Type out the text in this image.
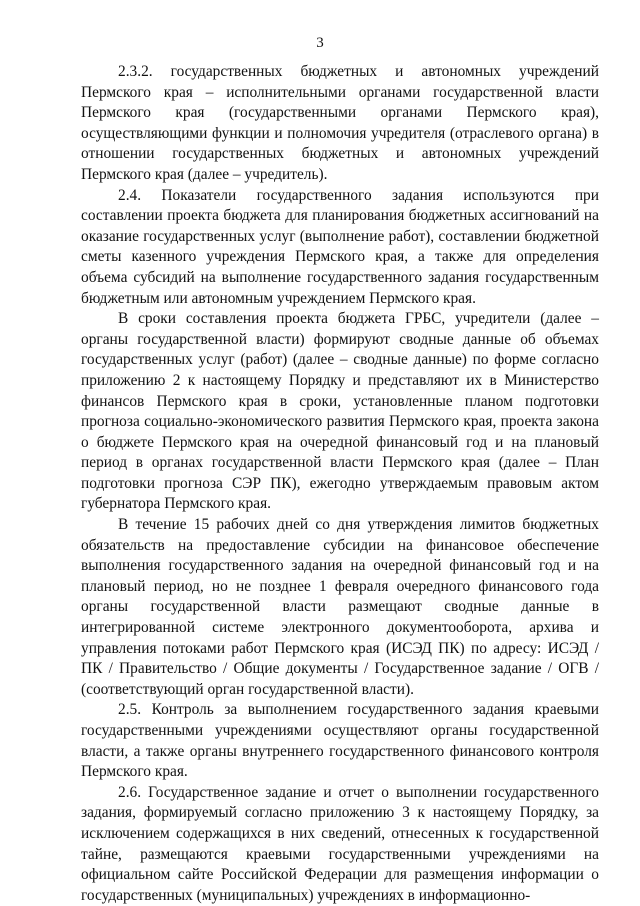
3

2.3.2. государственных бюджетных и автономных учреждений Пермского края – исполнительными органами государственной власти Пермского края (государственными органами Пермского края), осуществляющими функции и полномочия учредителя (отраслевого органа) в отношении государственных бюджетных и автономных учреждений Пермского края (далее – учредитель).

2.4. Показатели государственного задания используются при составлении проекта бюджета для планирования бюджетных ассигнований на оказание государственных услуг (выполнение работ), составлении бюджетной сметы казенного учреждения Пермского края, а также для определения объема субсидий на выполнение государственного задания государственным бюджетным или автономным учреждением Пермского края.

В сроки составления проекта бюджета ГРБС, учредители (далее – органы государственной власти) формируют сводные данные об объемах государственных услуг (работ) (далее – сводные данные) по форме согласно приложению 2 к настоящему Порядку и представляют их в Министерство финансов Пермского края в сроки, установленные планом подготовки прогноза социально-экономического развития Пермского края, проекта закона о бюджете Пермского края на очередной финансовый год и на плановый период в органах государственной власти Пермского края (далее – План подготовки прогноза СЭР ПК), ежегодно утверждаемым правовым актом губернатора Пермского края.

В течение 15 рабочих дней со дня утверждения лимитов бюджетных обязательств на предоставление субсидии на финансовое обеспечение выполнения государственного задания на очередной финансовый год и на плановый период, но не позднее 1 февраля очередного финансового года органы государственной власти размещают сводные данные в интегрированной системе электронного документооборота, архива и управления потоками работ Пермского края (ИСЭД ПК) по адресу: ИСЭД / ПК / Правительство / Общие документы / Государственное задание / ОГВ / (соответствующий орган государственной власти).

2.5. Контроль за выполнением государственного задания краевыми государственными учреждениями осуществляют органы государственной власти, а также органы внутреннего государственного финансового контроля Пермского края.

2.6. Государственное задание и отчет о выполнении государственного задания, формируемый согласно приложению 3 к настоящему Порядку, за исключением содержащихся в них сведений, отнесенных к государственной тайне, размещаются краевыми государственными учреждениями на официальном сайте Российской Федерации для размещения информации о государственных (муниципальных) учреждениях в информационно-
